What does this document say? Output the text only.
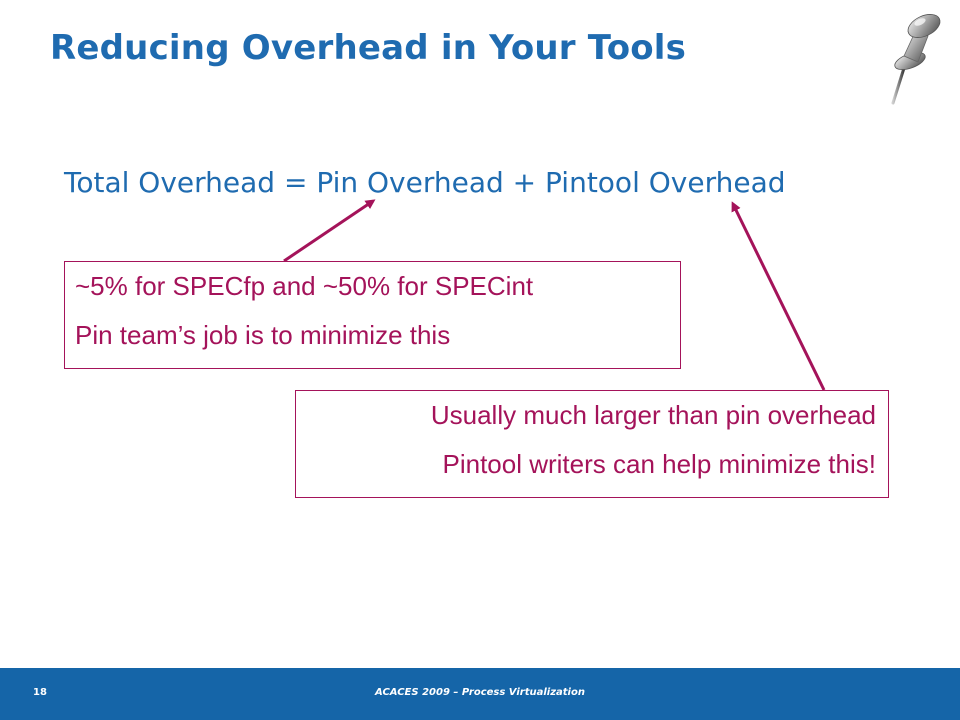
Reducing Overhead in Your Tools
Total Overhead = Pin Overhead + Pintool Overhead
~5% for SPECfp and ~50% for SPECint
Pin team’s job is to minimize this
Usually much larger than pin overhead
Pintool writers can help minimize this!
18	ACACES 2009 – Process Virtualization
